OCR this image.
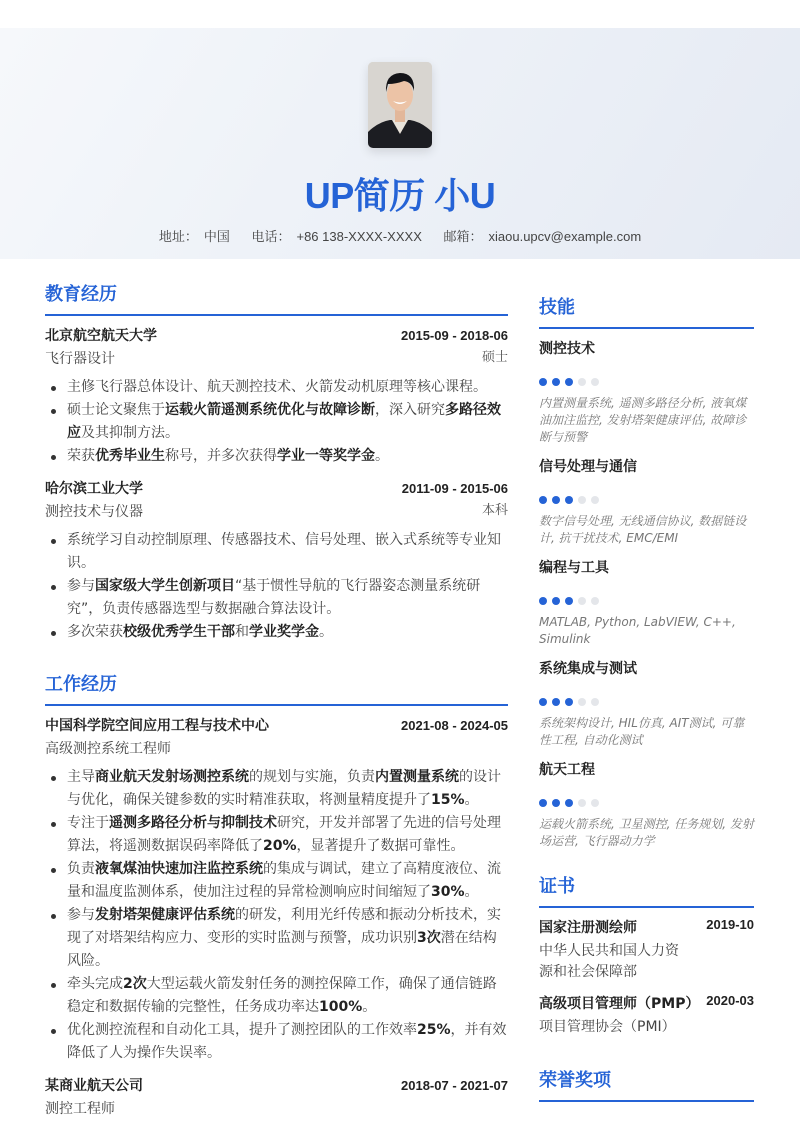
UP简历 小U
地址： 中国 电话： +86 138-XXXX-XXXX 邮箱： xiaou.upcv@example.com
教育经历
北京航空航天大学	2015-09 - 2018-06
飞行器设计	硕士
主修飞行器总体设计、航天测控技术、火箭发动机原理等核心课程。
硕士论文聚焦于运载火箭遥测系统优化与故障诊断，深入研究多路径效应及其抑制方法。
荣获优秀毕业生称号，并多次获得学业一等奖学金。
哈尔滨工业大学	2011-09 - 2015-06
测控技术与仪器	本科
系统学习自动控制原理、传感器技术、信号处理、嵌入式系统等专业知识。
参与国家级大学生创新项目“基于惯性导航的飞行器姿态测量系统研究”，负责传感器选型与数据融合算法设计。
多次荣获校级优秀学生干部和学业奖学金。
工作经历
中国科学院空间应用工程与技术中心	2021-08 - 2024-05
高级测控系统工程师
主导商业航天发射场测控系统的规划与实施，负责内置测量系统的设计与优化，确保关键参数的实时精准获取，将测量精度提升了15%。
专注于遥测多路径分析与抑制技术研究，开发并部署了先进的信号处理算法，将遥测数据误码率降低了20%，显著提升了数据可靠性。
负责液氧煤油快速加注监控系统的集成与调试，建立了高精度液位、流量和温度监测体系，使加注过程的异常检测响应时间缩短了30%。
参与发射塔架健康评估系统的研发，利用光纤传感和振动分析技术，实现了对塔架结构应力、变形的实时监测与预警，成功识别3次潜在结构风险。
牵头完成2次大型运载火箭发射任务的测控保障工作，确保了通信链路稳定和数据传输的完整性，任务成功率达100%。
优化测控流程和自动化工具，提升了测控团队的工作效率25%，并有效降低了人为操作失误率。
某商业航天公司	2018-07 - 2021-07
测控工程师
技能
测控技术
内置测量系统, 遥测多路径分析, 液氧煤油加注监控, 发射塔架健康评估, 故障诊断与预警
信号处理与通信
数字信号处理, 无线通信协议, 数据链设计, 抗干扰技术, EMC/EMI
编程与工具
MATLAB, Python, LabVIEW, C++, Simulink
系统集成与测试
系统架构设计, HIL仿真, AIT测试, 可靠性工程, 自动化测试
航天工程
运载火箭系统, 卫星测控, 任务规划, 发射场运营, 飞行器动力学
证书
国家注册测绘师	2019-10
中华人民共和国人力资源和社会保障部
高级项目管理师（PMP） 2020-03
项目管理协会（PMI）
荣誉奖项
